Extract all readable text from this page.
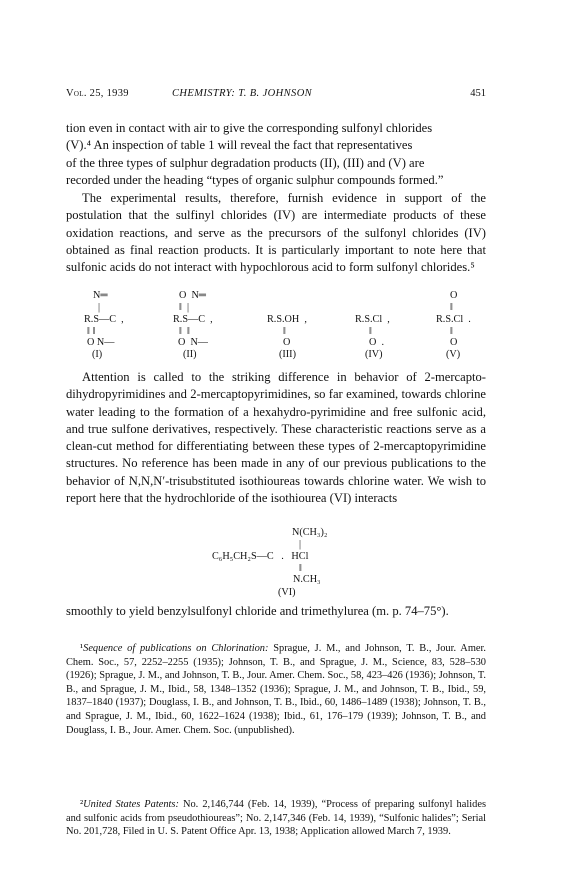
Vol. 25, 1939	CHEMISTRY: T. B. JOHNSON	451
tion even in contact with air to give the corresponding sulfonyl chlorides
(V).⁴ An inspection of table 1 will reveal the fact that representatives
of the three types of sulphur degradation products (II), (III) and (V) are
recorded under the heading “types of organic sulphur compounds formed.”

The experimental results, therefore, furnish evidence in support of the postulation that the sulfinyl chlorides (IV) are intermediate products of these oxidation reactions, and serve as the precursors of the sulfonyl chlorides (IV) obtained as final reaction products. It is particularly important to note here that sulfonic acids do not interact with hypochlorous acid to form sulfonyl chlorides.⁵

N═

|

R.S—C  ,

‖ ‖

O N—

(I)

O  N═

‖  |

R.S—C  ,

‖  ‖

O  N—

(II)

R.S.OH  ,

‖

O

(III)

R.S.Cl  ,

‖

O  .

(IV)

O

‖

R.S.Cl  .

‖

O

(V)

Attention is called to the striking difference in behavior of 2-mercapto-dihydropyrimidines and 2-mercaptopyrimidines, so far examined, towards chlorine water leading to the formation of a hexahydro-pyrimidine and free sulfonic acid, and true sulfone derivatives, respectively. These characteristic reactions serve as a clean-cut method for differentiating between these types of 2-mercaptopyrimidine structures. No reference has been made in any of our previous publications to the behavior of N,N,N′-trisubstituted isothioureas towards chlorine water. We wish to report here that the hydrochloride of the isothiourea (VI) interacts

N(CH₃)₂

|

C₆H₅CH₂S—C   .   HCl

‖

N.CH₃

(VI)

smoothly to yield benzylsulfonyl chloride and trimethylurea (m. p. 74–75°).

¹Sequence of publications on Chlorination: Sprague, J. M., and Johnson, T. B., Jour. Amer. Chem. Soc., 57, 2252–2255 (1935); Johnson, T. B., and Sprague, J. M., Science, 83, 528–530 (1926); Sprague, J. M., and Johnson, T. B., Jour. Amer. Chem. Soc., 58, 423–426 (1936); Johnson, T. B., and Sprague, J. M., Ibid., 58, 1348–1352 (1936); Sprague, J. M., and Johnson, T. B., Ibid., 59, 1837–1840 (1937); Douglass, I. B., and Johnson, T. B., Ibid., 60, 1486–1489 (1938); Johnson, T. B., and Sprague, J. M., Ibid., 60, 1622–1624 (1938); Ibid., 61, 176–179 (1939); Johnson, T. B., and Douglass, I. B., Jour. Amer. Chem. Soc. (unpublished).
²United States Patents: No. 2,146,744 (Feb. 14, 1939), “Process of preparing sulfonyl halides and sulfonic acids from pseudothioureas”; No. 2,147,346 (Feb. 14, 1939), “Sulfonic halides”; Serial No. 201,728, Filed in U. S. Patent Office Apr. 13, 1938; Application allowed March 7, 1939.
